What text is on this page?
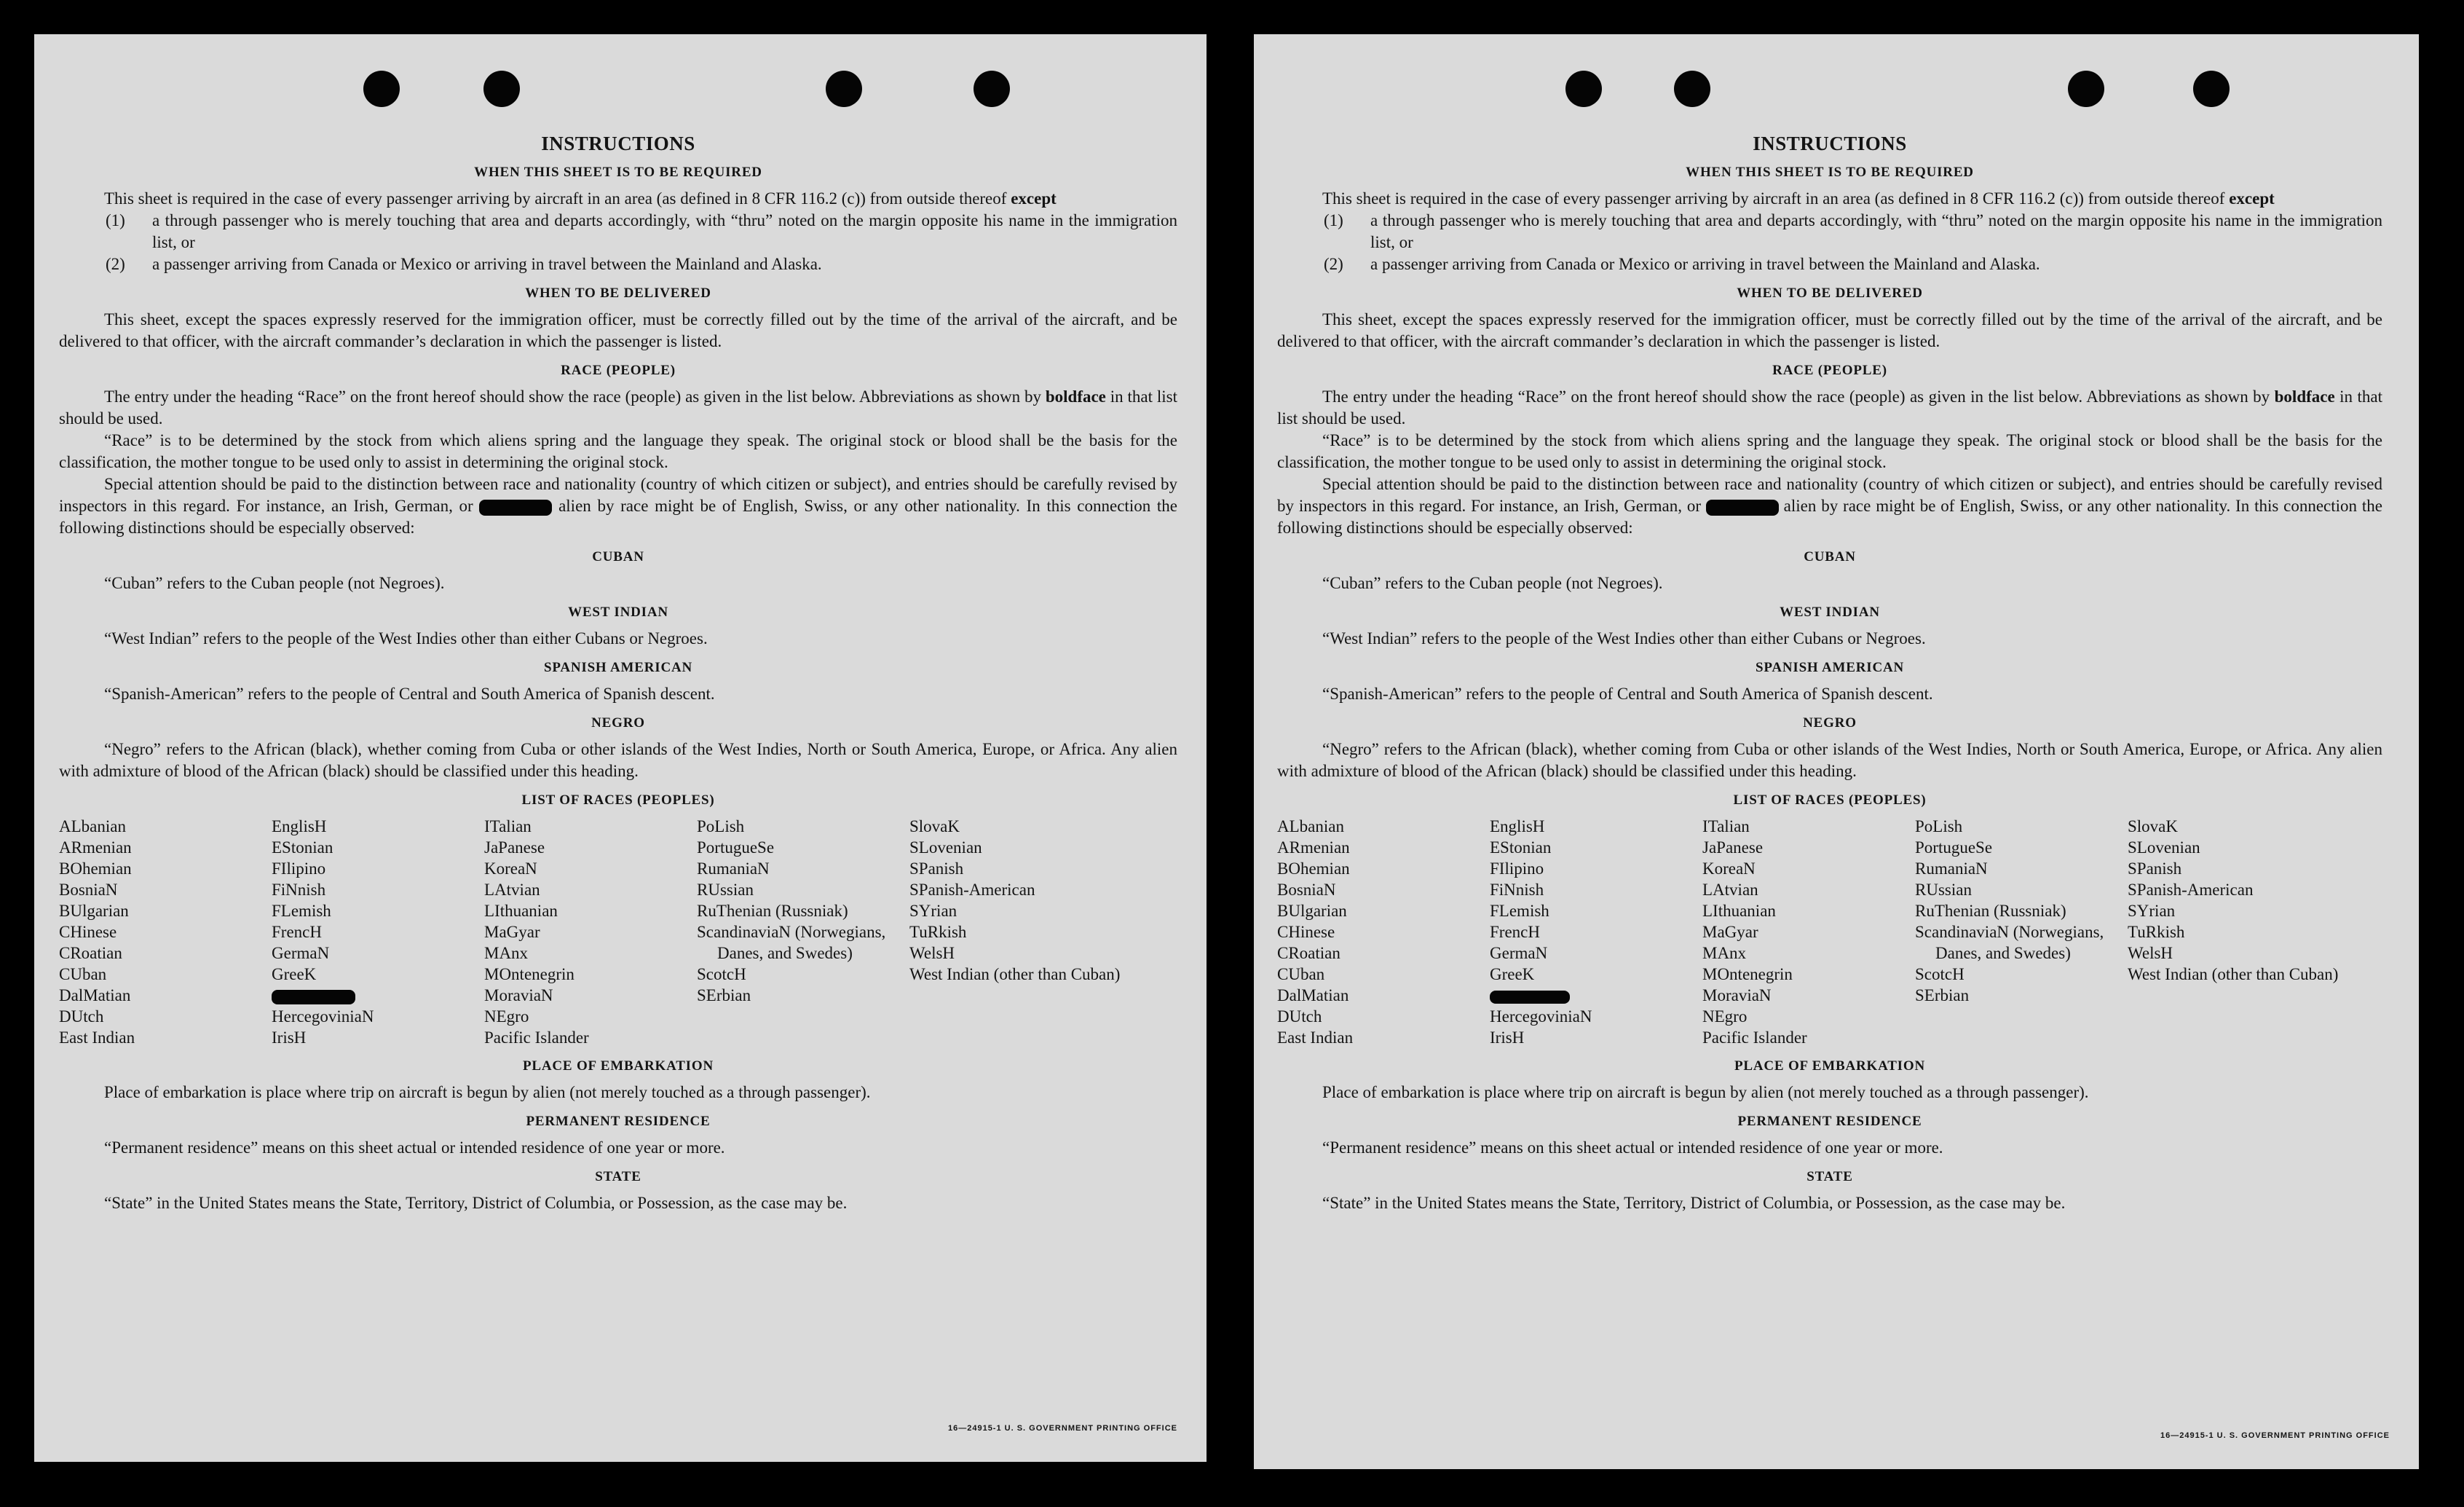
INSTRUCTIONS
WHEN THIS SHEET IS TO BE REQUIRED

This sheet is required in the case of every passenger arriving by aircraft in an area (as defined in 8 CFR 116.2 (c)) from outside thereof except

(1) a through passenger who is merely touching that area and departs accordingly, with “thru” noted on the margin opposite his name in the immigration list, or

(2) a passenger arriving from Canada or Mexico or arriving in travel between the Mainland and Alaska.

WHEN TO BE DELIVERED

This sheet, except the spaces expressly reserved for the immigration officer, must be correctly filled out by the time of the arrival of the aircraft, and be delivered to that officer, with the aircraft commander’s declaration in which the passenger is listed.

RACE (PEOPLE)

The entry under the heading “Race” on the front hereof should show the race (people) as given in the list below. Abbreviations as shown by boldface in that list should be used.

“Race” is to be determined by the stock from which aliens spring and the language they speak. The original stock or blood shall be the basis for the classification, the mother tongue to be used only to assist in determining the original stock.

Special attention should be paid to the distinction between race and nationality (country of which citizen or subject), and entries should be carefully revised by inspectors in this regard. For instance, an Irish, German, or	alien by race might be of English, Swiss, or any other nationality. In this connection the following distinctions should be especially observed:

CUBAN

“Cuban” refers to the Cuban people (not Negroes).

WEST INDIAN

“West Indian” refers to the people of the West Indies other than either Cubans or Negroes.

SPANISH AMERICAN

“Spanish-American” refers to the people of Central and South America of Spanish descent.

NEGRO

“Negro” refers to the African (black), whether coming from Cuba or other islands of the West Indies, North or South America, Europe, or Africa. Any alien with admixture of blood of the African (black) should be classified under this heading.

LIST OF RACES (PEOPLES)
ALbanian
ARmenian
BOhemian
BosniaN
BUlgarian
CHinese
CRoatian
CUban
DalMatian
DUtch
East Indian
EnglisH
EStonian
FIlipino
FiNnish
FLemish
FrencH
GermaN
GreeK
HercegoviniaN
IrisH
ITalian
JaPanese
KoreaN
LAtvian
LIthuanian
MaGyar
MAnx
MOntenegrin
MoraviaN
NEgro
Pacific Islander
PoLish
PortugueSe
RumaniaN
RUssian
RuThenian (Russniak)
ScandinaviaN (Norwegians, Danes, and Swedes)
ScotcH
SErbian
SlovaK
SLovenian
SPanish
SPanish-American
SYrian
TuRkish
WelsH
West Indian (other than Cuban)
PLACE OF EMBARKATION

Place of embarkation is place where trip on aircraft is begun by alien (not merely touched as a through passenger).

PERMANENT RESIDENCE

“Permanent residence” means on this sheet actual or intended residence of one year or more.

STATE

“State” in the United States means the State, Territory, District of Columbia, or Possession, as the case may be.

16—24915-1 U. S. GOVERNMENT PRINTING OFFICE
INSTRUCTIONS
WHEN THIS SHEET IS TO BE REQUIRED

This sheet is required in the case of every passenger arriving by aircraft in an area (as defined in 8 CFR 116.2 (c)) from outside thereof except

(1) a through passenger who is merely touching that area and departs accordingly, with “thru” noted on the margin opposite his name in the immigration list, or

(2) a passenger arriving from Canada or Mexico or arriving in travel between the Mainland and Alaska.

WHEN TO BE DELIVERED

This sheet, except the spaces expressly reserved for the immigration officer, must be correctly filled out by the time of the arrival of the aircraft, and be delivered to that officer, with the aircraft commander’s declaration in which the passenger is listed.

RACE (PEOPLE)

The entry under the heading “Race” on the front hereof should show the race (people) as given in the list below. Abbreviations as shown by boldface in that list should be used.

“Race” is to be determined by the stock from which aliens spring and the language they speak. The original stock or blood shall be the basis for the classification, the mother tongue to be used only to assist in determining the original stock.

Special attention should be paid to the distinction between race and nationality (country of which citizen or subject), and entries should be carefully revised by inspectors in this regard. For instance, an Irish, German, or	alien by race might be of English, Swiss, or any other nationality. In this connection the following distinctions should be especially observed:

CUBAN

“Cuban” refers to the Cuban people (not Negroes).

WEST INDIAN

“West Indian” refers to the people of the West Indies other than either Cubans or Negroes.

SPANISH AMERICAN

“Spanish-American” refers to the people of Central and South America of Spanish descent.

NEGRO

“Negro” refers to the African (black), whether coming from Cuba or other islands of the West Indies, North or South America, Europe, or Africa. Any alien with admixture of blood of the African (black) should be classified under this heading.

LIST OF RACES (PEOPLES)
ALbanian
ARmenian
BOhemian
BosniaN
BUlgarian
CHinese
CRoatian
CUban
DalMatian
DUtch
East Indian
EnglisH
EStonian
FIlipino
FiNnish
FLemish
FrencH
GermaN
GreeK
HercegoviniaN
IrisH
ITalian
JaPanese
KoreaN
LAtvian
LIthuanian
MaGyar
MAnx
MOntenegrin
MoraviaN
NEgro
Pacific Islander
PoLish
PortugueSe
RumaniaN
RUssian
RuThenian (Russniak)
ScandinaviaN (Norwegians, Danes, and Swedes)
ScotcH
SErbian
SlovaK
SLovenian
SPanish
SPanish-American
SYrian
TuRkish
WelsH
West Indian (other than Cuban)
PLACE OF EMBARKATION

Place of embarkation is place where trip on aircraft is begun by alien (not merely touched as a through passenger).

PERMANENT RESIDENCE

“Permanent residence” means on this sheet actual or intended residence of one year or more.

STATE

“State” in the United States means the State, Territory, District of Columbia, or Possession, as the case may be.

16—24915-1 U. S. GOVERNMENT PRINTING OFFICE
